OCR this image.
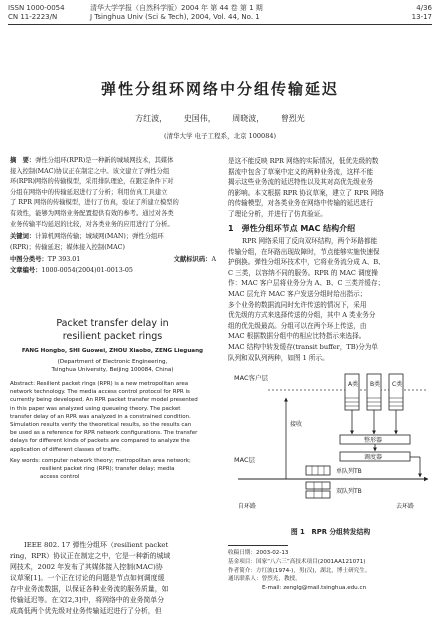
ISSN 1000-0054
CN 11-2223/N
清华大学学报（自然科学版）2004 年 第 44 卷 第 1 期
J Tsinghua Univ (Sci & Tech), 2004, Vol. 44, No. 1
4/36
13-17
弹性分组环网络中分组传输延迟
方红波， 史国伟， 周晓波， 曾烈光
(清华大学 电子工程系，北京 100084)
摘　要：弹性分组环(RPR)是一种新的城域网技术，其媒体
接入控制(MAC)协议正在制定之中。该文建立了弹性分组
环(RPR)网络的传输模型，采用排队理论，在跟定条件下对
分组在网络中的传输延迟进行了分析；利用仿真工具建立
了 RPR 网络的传输模型，进行了仿真，验证了所建立模型的
有效性，能够为网络业务配置提供有效的参考。通过对各类
业务传输平均延迟的比较，对各类业务的应用进行了分析。
关键词：计算机网络传输；城域网(MAN)；弹性分组环
(RPR)；传输延迟；媒体接入控制(MAC)
中图分类号：TP 393.01	文献标识码：A
文章编号：1000-0054(2004)01-0013-05
Packet transfer delay in
resilient packet rings
FANG Hongbo, SHI Guowei, ZHOU Xiaobo, ZENG Lieguang
(Department of Electronic Engineering,
Tsinghua University, Beijing 100084, China)
Abstract: Resilient packet rings (RPR) is a new metropolitan area
network technology. The media access control protocol for RPR is
currently being developed. An RPR packet transfer model presented
in this paper was analyzed using queueing theory. The packet
transfer delay of an RPR was analyzed in a constrained condition.
Simulation results verify the theoretical results, so the results can
be used as a reference for RPR network configurations. The transfer
delays for different kinds of packets are compared to analyze the
application of different classes of traffic.
Key words: computer network theory; metropolitan area network;
resilient packet ring (RPR); transfer delay; media
access control
IEEE 802. 17 弹性分组环（resilient packet
ring，RPR）协议正在制定之中，它是一种新的城域
网技术，2002 年发布了其媒体接入控制(MAC)协
议草案[1]。一个正在讨论的问题是节点如何调度缓
存中业务流数据，以保证各种业务流的服务质量，如
传输延迟等。在文[2,3]中，将网络中的业务简单分
成高低两个优先级对业务传输延迟进行了分析，但
是这不能反映 RPR 网络的实际情况，低优先级的数
据流中包含了草案中定义的两种业务流，这样不能
揭示这些业务流的延迟特性以及其对高优先级业务
的影响。本文根据 RPR 协议草案，建立了 RPR 网络
的传输模型，对各类业务在网络中传输的延迟进行
了理论分析，并进行了仿真验证。
1　弹性分组环节点 MAC 结构介绍
RPR 网络采用了反向双环结构，两个环路都能
传输分组，在环路出现故障时，节点能够实施快速保
护倒换。弹性分组环技术中，它将业务流分成 A、B、
C 三类，以容纳不同的服务。RPR 的 MAC 调度操
作：MAC 客户层将业务分为 A、B、C 三类并缓存；
MAC 层允许 MAC 客户发送分组时给出指示；
多个业务的数据流同时允许传送的情况下，采用
优先级的方式来选择传送的分组，其中 A 类业务分
组的优先级最高。分组可以在两个环上传送，由
MAC 根据数据分组中的相应比特指示来选择。
MAC 结构中转发缓存(transit buffer，TB)分为单
队列和双队列两种，如图 1 所示。
MAC客户层
A类 B类 C类
接收
整形器
MAC层	调度器
单队列TB
双队列TB
自环路	去环路
图 1　RPR 分组转发结构
收稿日期：2003-02-13
基金项目：国家“八六三”高技术项目(2001AA121071)
作者简介：方红波(1974-)，男(汉)，湖北，博士研究生。
通讯联系人：曾烈光，教授，
E-mail: zenglg@mail.tsinghua.edu.cn
